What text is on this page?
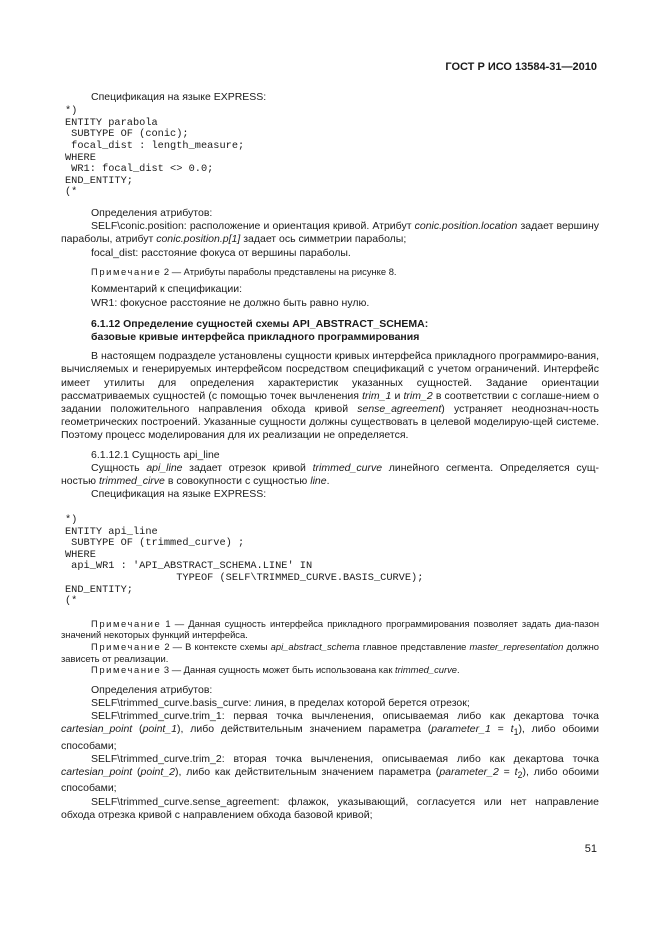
ГОСТ Р ИСО 13584-31—2010
Спецификация на языке EXPRESS:
*)
ENTITY parabola
SUBTYPE OF (conic);
focal_dist : length_measure;
WHERE
WR1: focal_dist <> 0.0;
END_ENTITY;
(*
Определения атрибутов:
SELF\conic.position: расположение и ориентация кривой. Атрибут conic.position.location задает вершину параболы, атрибут conic.position.p[1] задает ось симметрии параболы;
focal_dist: расстояние фокуса от вершины параболы.
Примечание 2 — Атрибуты параболы представлены на рисунке 8.
Комментарий к спецификации:
WR1: фокусное расстояние не должно быть равно нулю.
6.1.12 Определение сущностей схемы API_ABSTRACT_SCHEMA:
базовые кривые интерфейса прикладного программирования
В настоящем подразделе установлены сущности кривых интерфейса прикладного программиро-вания, вычисляемых и генерируемых интерфейсом посредством спецификаций с учетом ограничений. Интерфейс имеет утилиты для определения характеристик указанных сущностей. Задание ориентации рассматриваемых сущностей (с помощью точек вычленения trim_1 и trim_2 в соответствии с соглаше-нием о задании положительного направления обхода кривой sense_agreement) устраняет неоднознач-ность геометрических построений. Указанные сущности должны существовать в целевой моделирую-щей системе. Поэтому процесс моделирования для их реализации не определяется.
6.1.12.1 Сущность api_line
Сущность api_line задает отрезок кривой trimmed_curve линейного сегмента. Определяется сущ-ностью trimmed_cirve в совокупности с сущностью line.
Спецификация на языке EXPRESS:

*)
ENTITY api_line
SUBTYPE OF (trimmed_curve) ;
WHERE
api_WR1 : 'API_ABSTRACT_SCHEMA.LINE' IN
TYPEOF (SELF\TRIMMED_CURVE.BASIS_CURVE);
END_ENTITY;
(*
Примечание 1 — Данная сущность интерфейса прикладного программирования позволяет задать диа-пазон значений некоторых функций интерфейса.
Примечание 2 — В контексте схемы api_abstract_schema главное представление master_representation должно зависеть от реализации.
Примечание 3 — Данная сущность может быть использована как trimmed_curve.
Определения атрибутов:
SELF\trimmed_curve.basis_curve: линия, в пределах которой берется отрезок;
SELF\trimmed_curve.trim_1: первая точка вычленения, описываемая либо как декартова точка cartesian_point (point_1), либо действительным значением параметра (parameter_1 = $t_1$), либо обоими способами;
SELF\trimmed_curve.trim_2: вторая точка вычленения, описываемая либо как декартова точка cartesian_point (point_2), либо как действительным значением параметра (parameter_2 = $t_2$), либо обоими способами;
SELF\trimmed_curve.sense_agreement: флажок, указывающий, согласуется или нет направление обхода отрезка кривой с направлением обхода базовой кривой;
51
